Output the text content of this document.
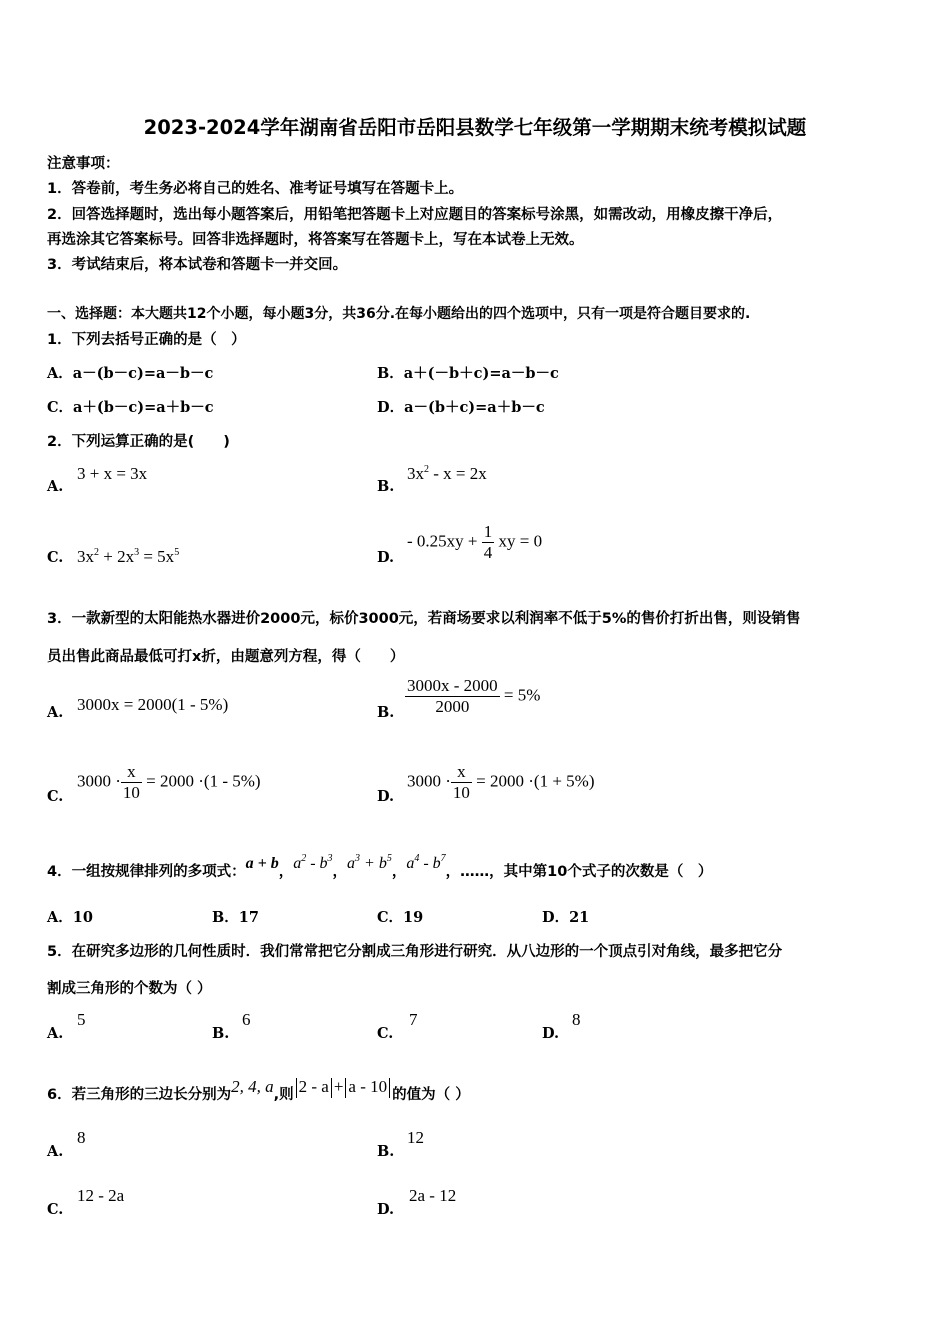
2023-2024学年湖南省岳阳市岳阳县数学七年级第一学期期末统考模拟试题
注意事项：
1．答卷前，考生务必将自己的姓名、准考证号填写在答题卡上。
2．回答选择题时，选出每小题答案后，用铅笔把答题卡上对应题目的答案标号涂黑，如需改动，用橡皮擦干净后，
再选涂其它答案标号。回答非选择题时，将答案写在答题卡上，写在本试卷上无效。
3．考试结束后，将本试卷和答题卡一并交回。
一、选择题：本大题共12个小题，每小题3分，共36分.在每小题给出的四个选项中，只有一项是符合题目要求的.
1．下列去括号正确的是（　）
A．a－(b－c)=a－b－c	B．a＋(－b＋c)=a－b－c
C．a＋(b－c)=a＋b－c	D．a－(b＋c)=a＋b－c
2．下列运算正确的是(　　)
A.
3 + x = 3x
B.
$3x^2 - x = 2x$
C. $3x^2 + 2x^3 = 5x^5$	D.
- $0.25xy + \frac{1}{4}$ xy = 0
3．一款新型的太阳能热水器进价2000元，标价3000元，若商场要求以利润率不低于5%的售价打折出售，则设销售
员出售此商品最低可打x折，由题意列方程，得（　　）
A. 3000x = 2000(1 - 5%)	B. $\frac{3000x - 2000}{2000} = 5\%$
C.
$3000 \cdot \frac{x}{10} = 2000 \cdot(1 - 5\%)$
D.
$3000 \cdot \frac{x}{10} = 2000 \cdot(1 + 5\%)$
4．一组按规律排列的多项式：a + b，$a^2 - b^3$，$a^3 + b^5$，$a^4 - b^7$，……，其中第10个式子的次数是（　）
A．10	B．17	C．19	D．21
5．在研究多边形的几何性质时．我们常常把它分割成三角形进行研究．从八边形的一个顶点引对角线，最多把它分
割成三角形的个数为（ ）
A.
5
B.
6
C.
7
D.
8
6．若三角形的三边长分别为2, 4, a,则 2 - a + a - 10 的值为（ ）
A.
8
B.
12
C.
12 - 2a
D.
2a - 12
